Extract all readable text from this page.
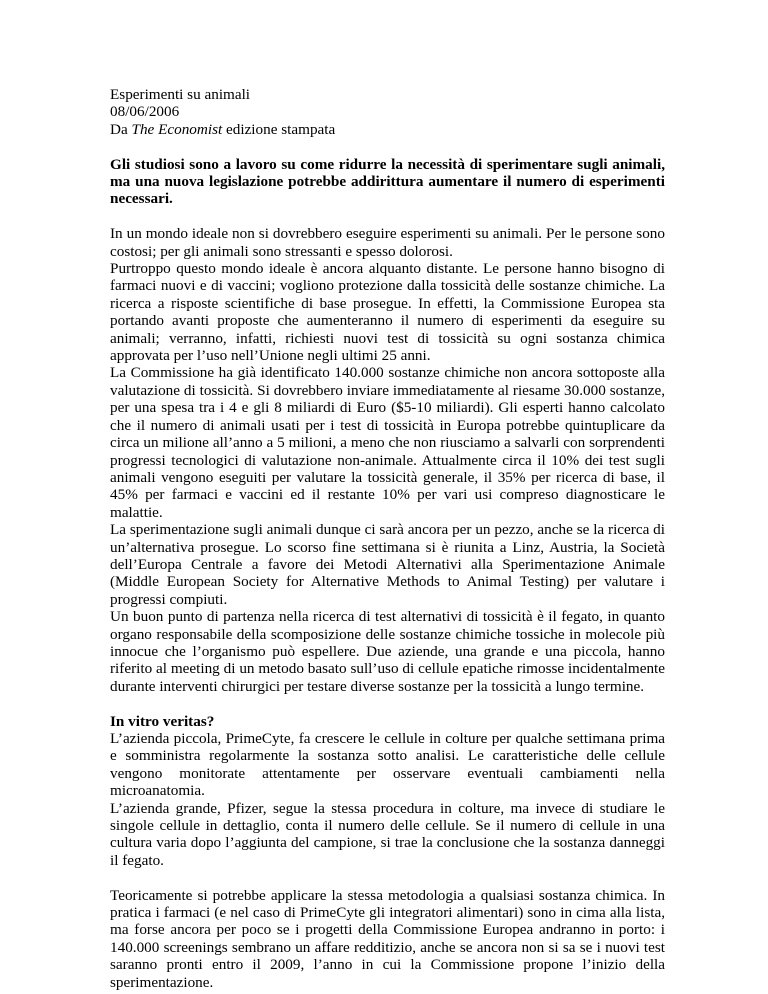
Esperimenti su animali
08/06/2006
Da The Economist edizione stampata
Gli studiosi sono a lavoro su come ridurre la necessità di sperimentare sugli animali, ma una nuova legislazione potrebbe addirittura aumentare il numero di esperimenti necessari.

In un mondo ideale non si dovrebbero eseguire esperimenti su animali. Per le persone sono costosi; per gli animali sono stressanti e spesso dolorosi.

Purtroppo questo mondo ideale è ancora alquanto distante. Le persone hanno bisogno di farmaci nuovi e di vaccini; vogliono protezione dalla tossicità delle sostanze chimiche. La ricerca a risposte scientifiche di base prosegue. In effetti, la Commissione Europea sta portando avanti proposte che aumenteranno il numero di esperimenti da eseguire su animali; verranno, infatti, richiesti nuovi test di tossicità su ogni sostanza chimica approvata per l’uso nell’Unione negli ultimi 25 anni.

La Commissione ha già identificato 140.000 sostanze chimiche non ancora sottoposte alla valutazione di tossicità. Si dovrebbero inviare immediatamente al riesame 30.000 sostanze, per una spesa tra i 4 e gli 8 miliardi di Euro ($5-10 miliardi). Gli esperti hanno calcolato che il numero di animali usati per i test di tossicità in Europa potrebbe quintuplicare da circa un milione all’anno a 5 milioni, a meno che non riusciamo a salvarli con sorprendenti progressi tecnologici di valutazione non-animale. Attualmente circa il 10% dei test sugli animali vengono eseguiti per valutare la tossicità generale, il 35% per ricerca di base, il 45% per farmaci e vaccini ed il restante 10% per vari usi compreso diagnosticare le malattie.

La sperimentazione sugli animali dunque ci sarà ancora per un pezzo, anche se la ricerca di un’alternativa prosegue. Lo scorso fine settimana si è riunita a Linz, Austria, la Società dell’Europa Centrale a favore dei Metodi Alternativi alla Sperimentazione Animale (Middle European Society for Alternative Methods to Animal Testing) per valutare i progressi compiuti.

Un buon punto di partenza nella ricerca di test alternativi di tossicità è il fegato, in quanto organo responsabile della scomposizione delle sostanze chimiche tossiche in molecole più innocue che l’organismo può espellere. Due aziende, una grande e una piccola, hanno riferito al meeting di un metodo basato sull’uso di cellule epatiche rimosse incidentalmente durante interventi chirurgici per testare diverse sostanze per la tossicità a lungo termine.

In vitro veritas?

L’azienda piccola, PrimeCyte, fa crescere le cellule in colture per qualche settimana prima e somministra regolarmente la sostanza sotto analisi. Le caratteristiche delle cellule vengono monitorate attentamente per osservare eventuali cambiamenti nella microanatomia.

L’azienda grande, Pfizer, segue la stessa procedura in colture, ma invece di studiare le singole cellule in dettaglio, conta il numero delle cellule. Se il numero di cellule in una cultura varia dopo l’aggiunta del campione, si trae la conclusione che la sostanza danneggi il fegato.

Teoricamente si potrebbe applicare la stessa metodologia a qualsiasi sostanza chimica. In pratica i farmaci (e nel caso di PrimeCyte gli integratori alimentari) sono in cima alla lista, ma forse ancora per poco se i progetti della Commissione Europea andranno in porto: i 140.000 screenings sembrano un affare redditizio, anche se ancora non si sa se i nuovi test saranno pronti entro il 2009, l’anno in cui la Commissione propone l’inizio della sperimentazione.
